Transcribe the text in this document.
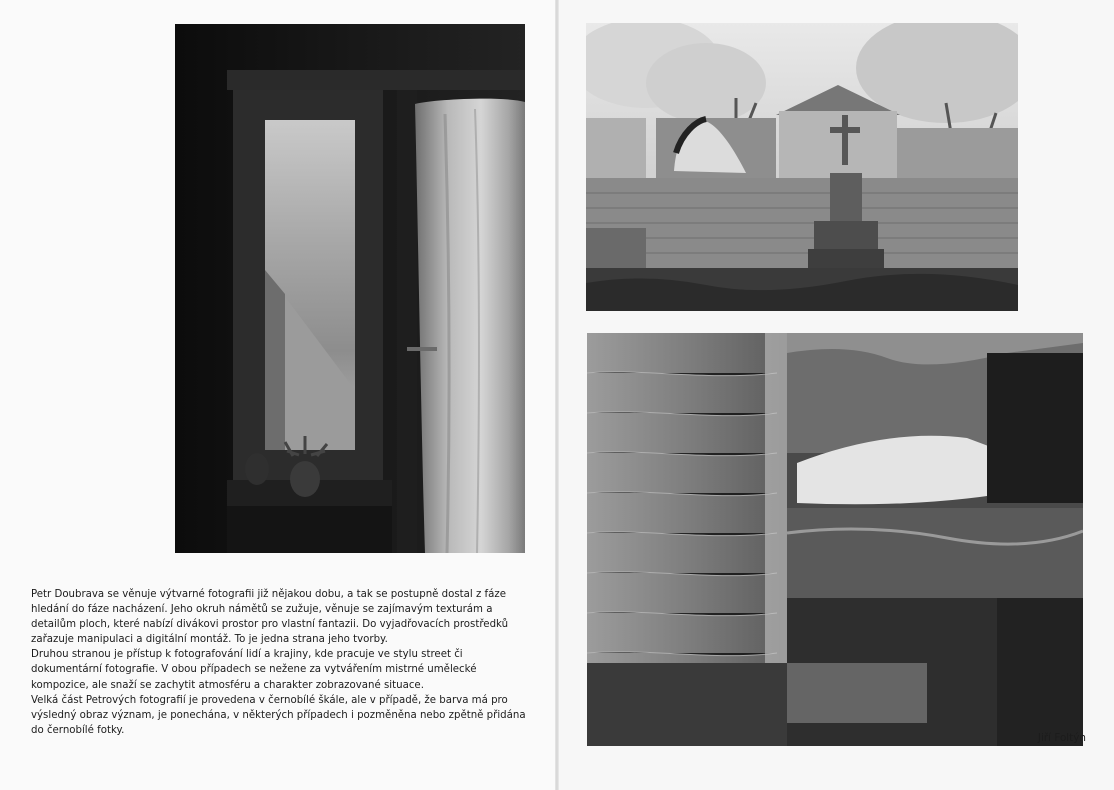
Petr Doubrava se věnuje výtvarné fotografii již nějakou dobu, a tak se postupně dostal z fáze hledání do fáze nacházení. Jeho okruh námětů se zužuje, věnuje se zajímavým texturám a detailům ploch, které nabízí divákovi prostor pro vlastní fantazii. Do vyjadřovacích prostředků zařazuje manipulaci a digitální montáž. To je jedna strana jeho tvorby.

Druhou stranou je přístup k fotografování lidí a krajiny, kde pracuje ve stylu street či dokumentární fotografie. V obou případech se nežene za vytvářením mistrné umělecké kompozice, ale snaží se zachytit atmosféru a charakter zobrazované situace.

Velká část Petrových fotografií je provedena v černobílé škále, ale v případě, že barva má pro výsledný obraz význam, je ponechána, v některých případech i pozměněna nebo zpětně přidána do černobílé fotky.

Jiří Foltýn
